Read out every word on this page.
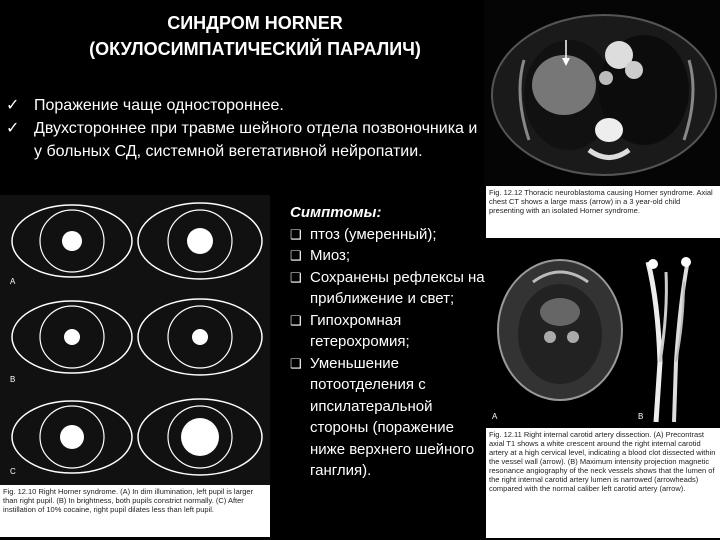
СИНДРОМ HORNER
(ОКУЛОСИМПАТИЧЕСКИЙ ПАРАЛИЧ)
✓ Поражение чаще одностороннее.
✓ Двухстороннее при травме шейного отдела позвоночника и у больных СД, системной вегетативной нейропатии.
Fig. 12.12 Thoracic neuroblastoma causing Horner syndrome. Axial chest CT shows a large mass (arrow) in a 3 year-old child presenting with an isolated Horner syndrome.
A	B
Fig. 12.11 Right internal carotid artery dissection. (A) Precontrast axial T1 shows a white crescent around the right internal carotid artery at a high cervical level, indicating a blood clot dissected within the vessel wall (arrow). (B) Maximum intensity projection magnetic resonance angiography of the neck vessels shows that the lumen of the right internal carotid artery lumen is narrowed (arrowheads) compared with the normal caliber left carotid artery (arrow).
A
B
C
Fig. 12.10 Right Horner syndrome. (A) In dim illumination, left pupil is larger than right pupil. (B) In brightness, both pupils constrict normally. (C) After instillation of 10% cocaine, right pupil dilates less than left pupil.
Симптомы:
❑ птоз (умеренный);
❑ Миоз;
❑ Сохранены рефлексы на приближение и свет;
❑ Гипохромная гетерохромия;
❑ Уменьшение потоотделения с ипсилатеральной стороны (поражение ниже верхнего шейного ганглия).
